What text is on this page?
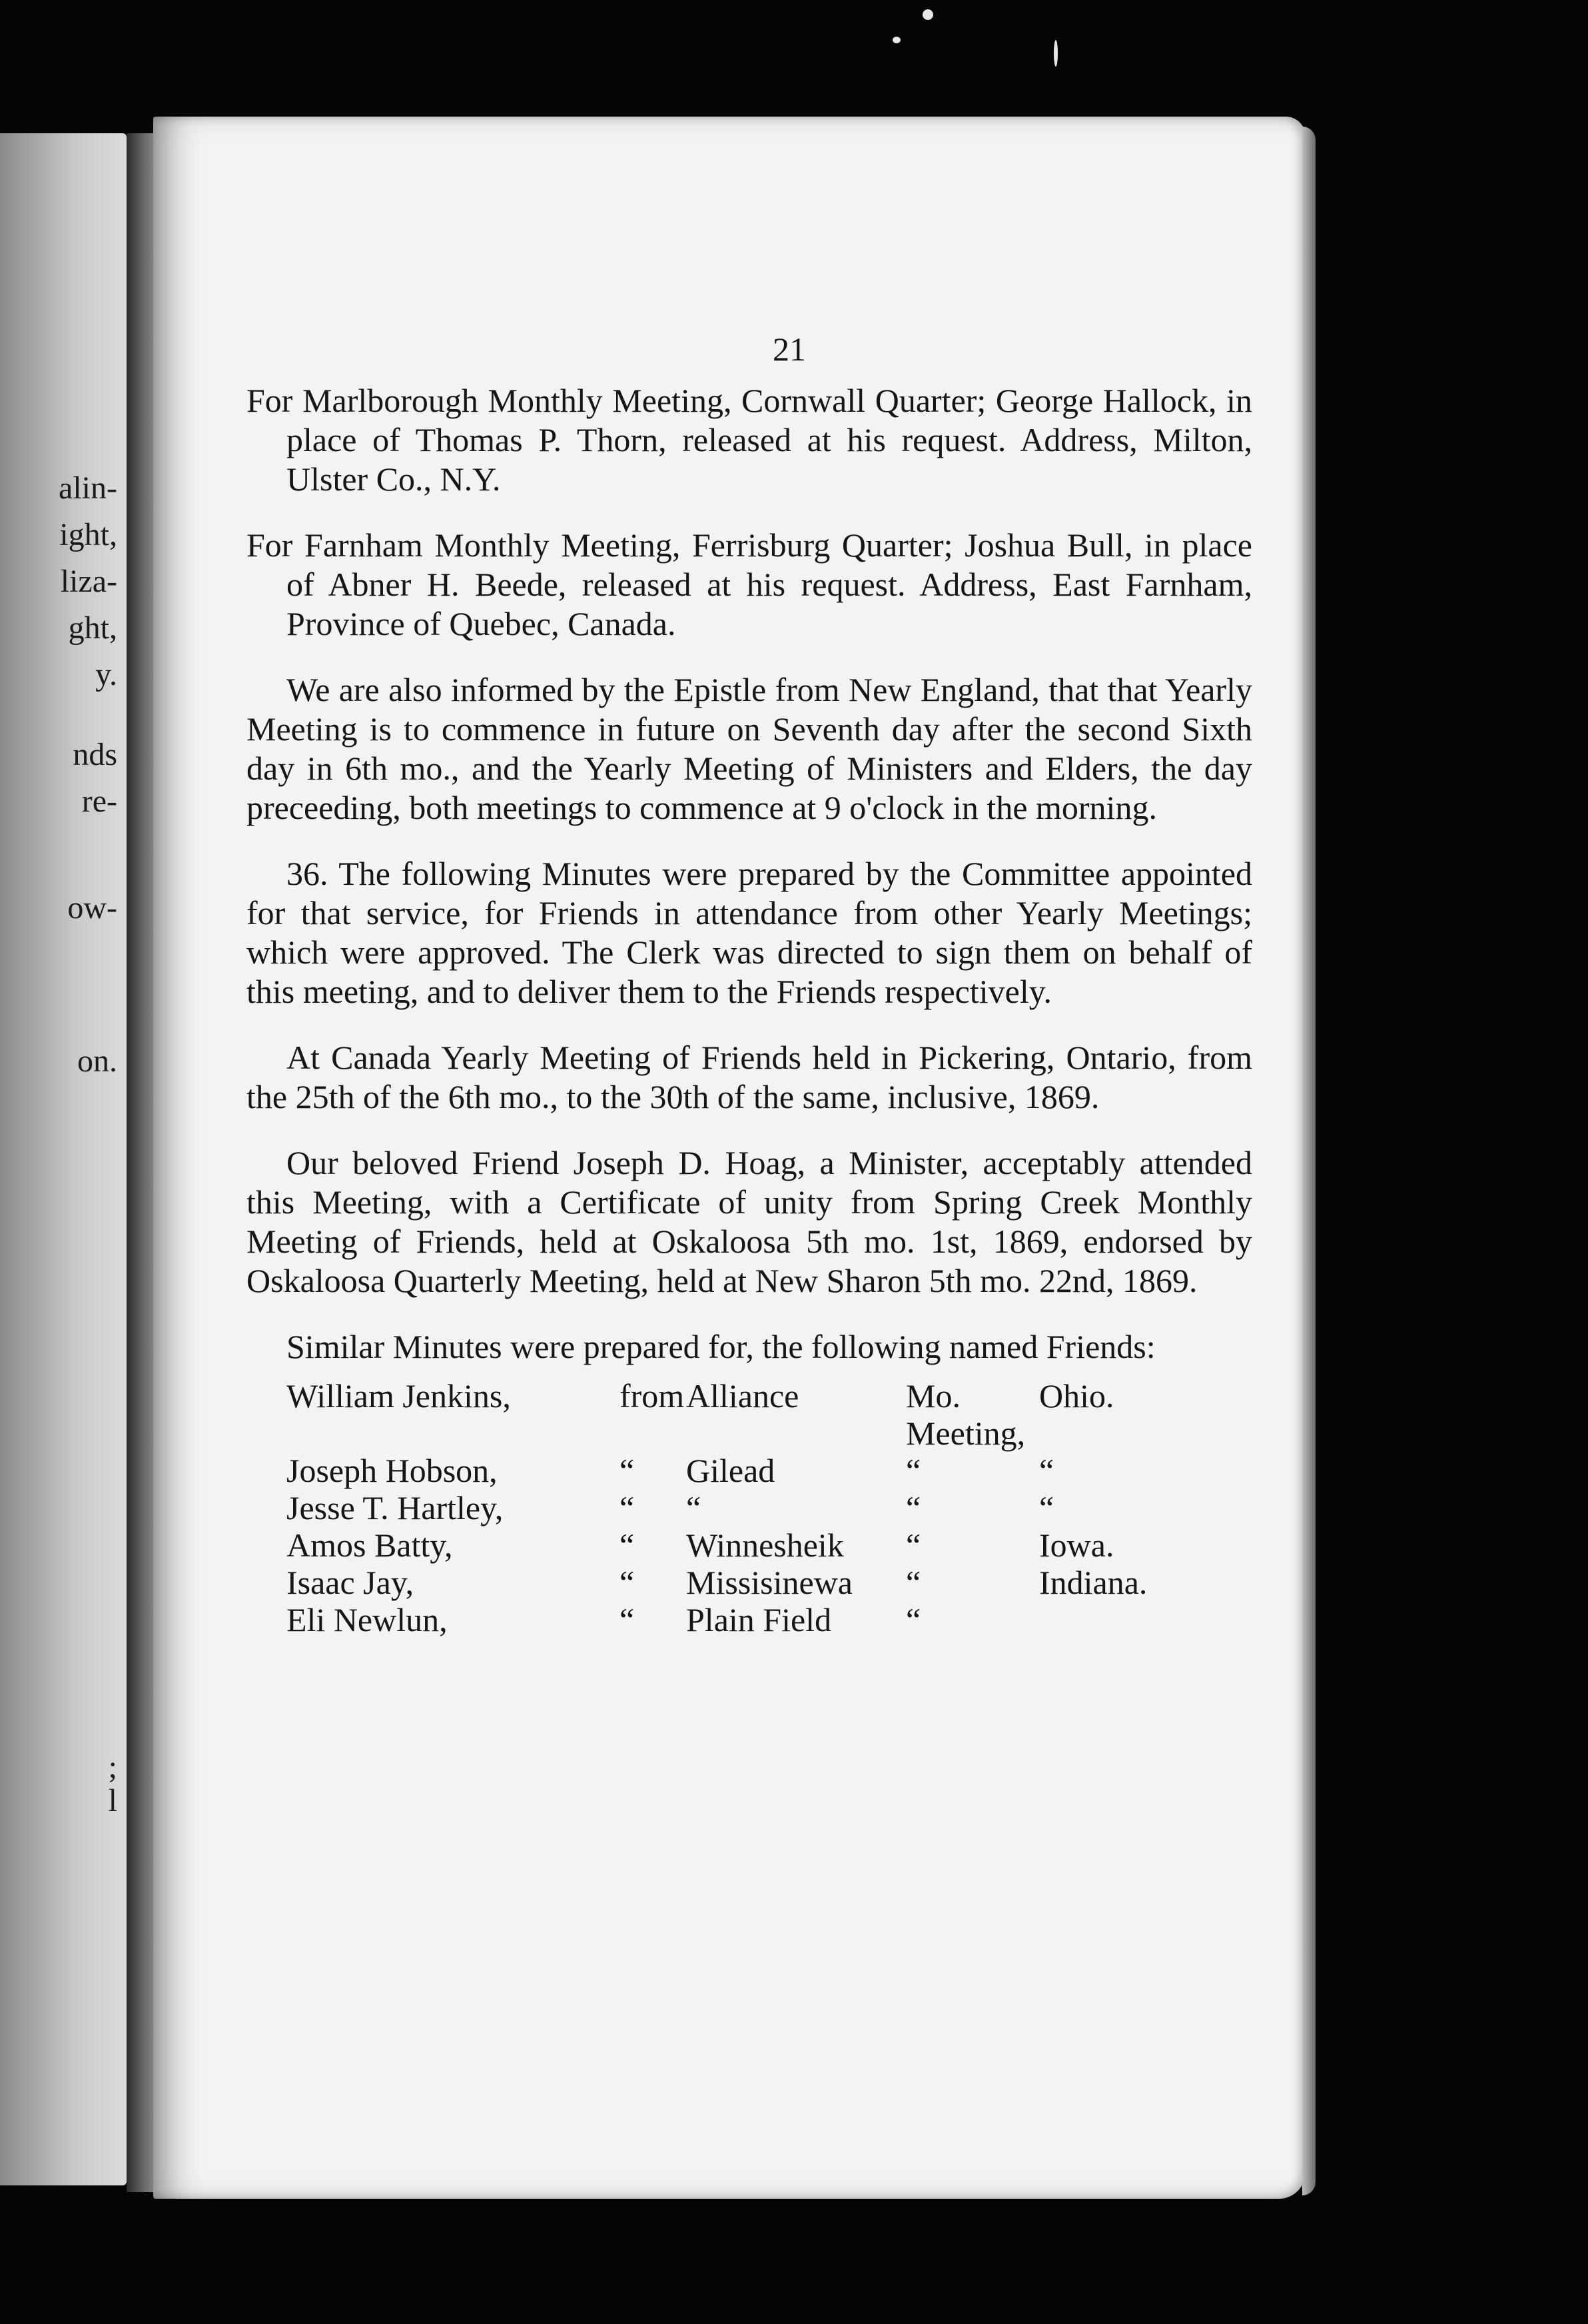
alin-
ight,
liza-
ght,
y.
nds
re-
ow-
on.
;
l
21

For Marlborough Monthly Meeting, Cornwall Quarter; George Hallock, in place of Thomas P. Thorn, released at his request. Address, Milton, Ulster Co., N.Y.

For Farnham Monthly Meeting, Ferrisburg Quarter; Joshua Bull, in place of Abner H. Beede, released at his request. Address, East Farnham, Province of Quebec, Canada.

We are also informed by the Epistle from New England, that that Yearly Meeting is to commence in future on Seventh day after the second Sixth day in 6th mo., and the Yearly Meeting of Ministers and Elders, the day preceeding, both meetings to commence at 9 o'clock in the morning.

36. The following Minutes were prepared by the Committee appointed for that service, for Friends in attendance from other Yearly Meetings; which were approved. The Clerk was directed to sign them on behalf of this meeting, and to deliver them to the Friends respectively.

At Canada Yearly Meeting of Friends held in Pickering, Ontario, from the 25th of the 6th mo., to the 30th of the same, inclusive, 1869.

Our beloved Friend Joseph D. Hoag, a Minister, acceptably attended this Meeting, with a Certificate of unity from Spring Creek Monthly Meeting of Friends, held at Oskaloosa 5th mo. 1st, 1869, endorsed by Oskaloosa Quarterly Meeting, held at New Sharon 5th mo. 22nd, 1869.

Similar Minutes were prepared for, the following named Friends:

William Jenkins,	from	Alliance	Mo. Meeting,	Ohio.
Joseph Hobson,	“	Gilead	“	“
Jesse T. Hartley,	“	“	“	“
Amos Batty,	“	Winnesheik	“	Iowa.
Isaac Jay,	“	Missisinewa	“	Indiana.
Eli Newlun,	“	Plain Field	“	
